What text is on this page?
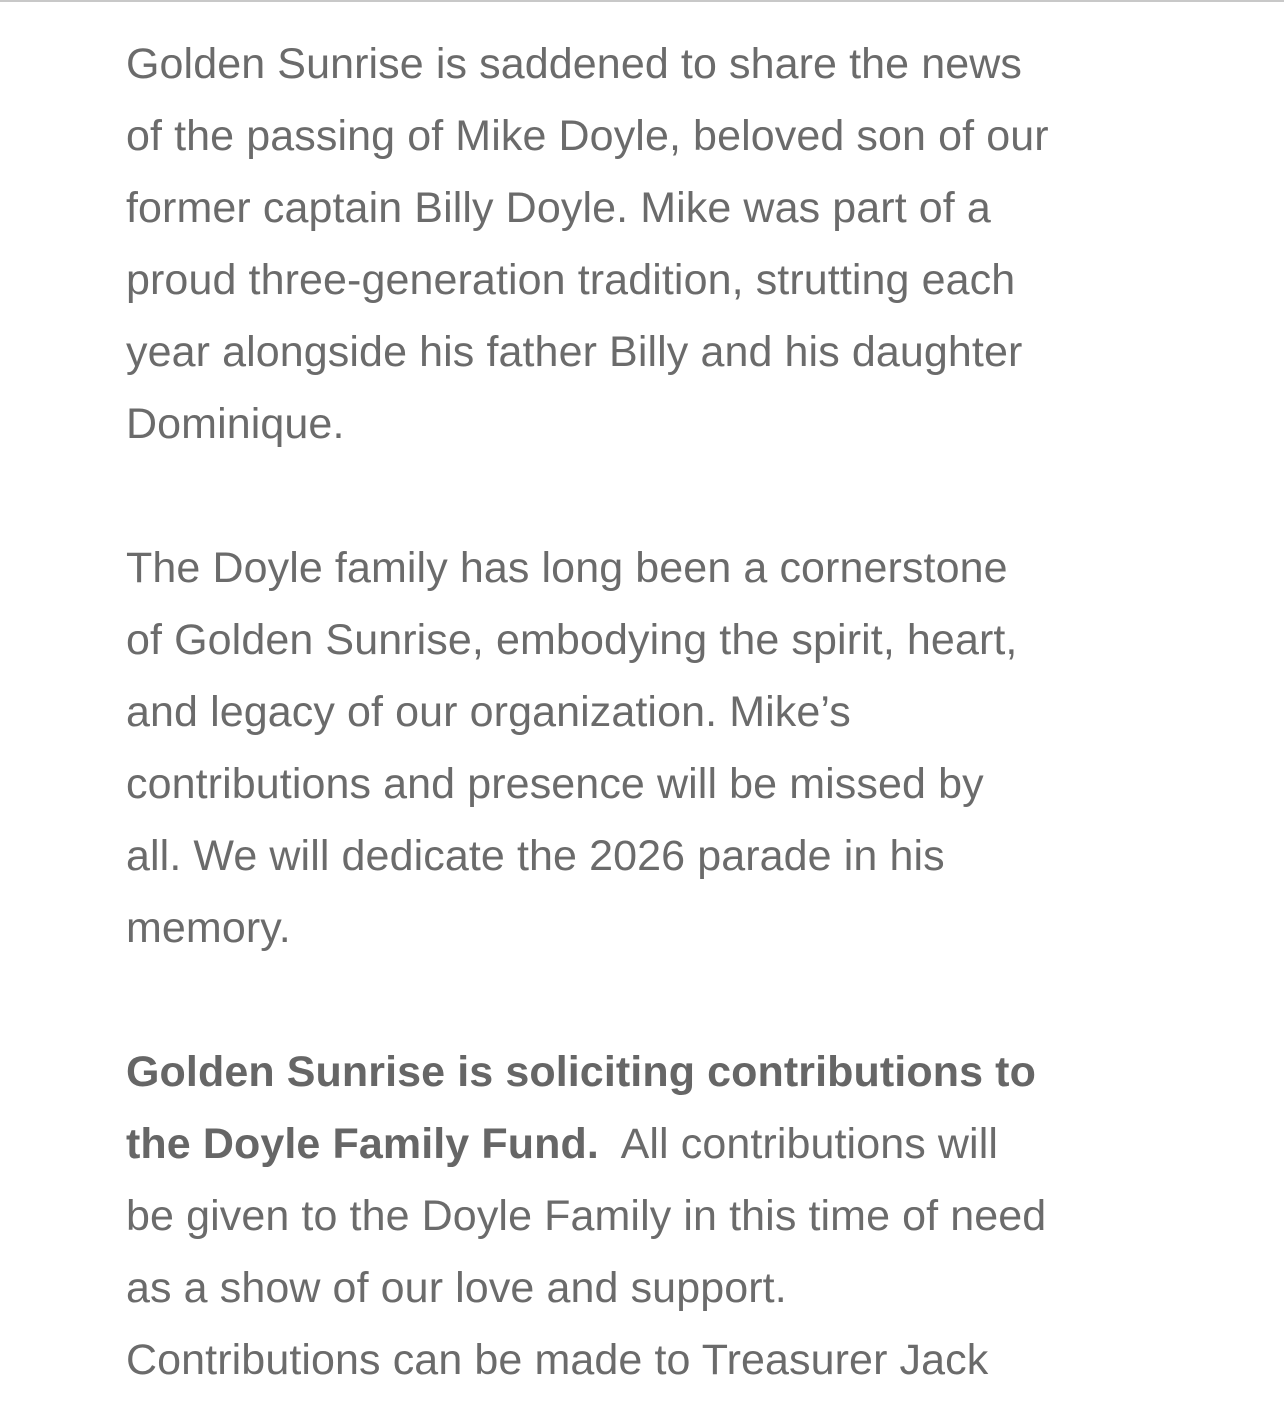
Golden Sunrise is saddened to share the news
of the passing of Mike Doyle, beloved son of our
former captain Billy Doyle. Mike was part of a
proud three-generation tradition, strutting each
year alongside his father Billy and his daughter
Dominique.

The Doyle family has long been a cornerstone
of Golden Sunrise, embodying the spirit, heart,
and legacy of our organization. Mike’s
contributions and presence will be missed by
all. We will dedicate the 2026 parade in his
memory.

Golden Sunrise is soliciting contributions to
the Doyle Family Fund.  All contributions will
be given to the Doyle Family in this time of need
as a show of our love and support.
Contributions can be made to Treasurer Jack
